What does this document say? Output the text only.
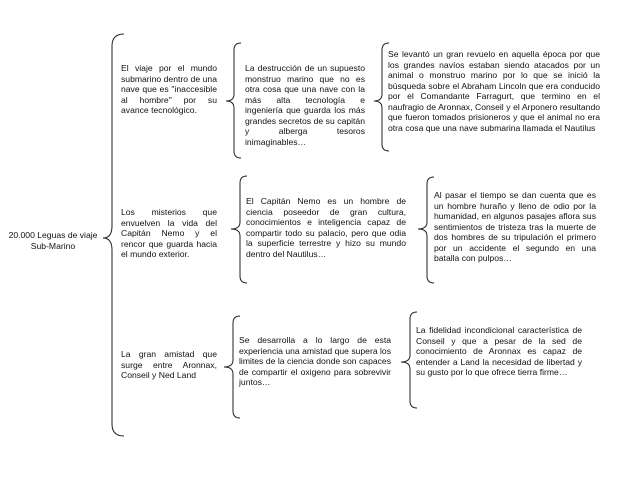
20.000 Leguas de viaje Sub-Marino

El viaje por el mundo submarino dentro de una nave que es "inaccesible al hombre" por su avance tecnológico.

La destrucción de un supuesto monstruo marino que no es otra cosa que una nave con la más alta tecnología e ingeniería que guarda los más grandes secretos de su capitán y alberga tesoros inimaginables…

Se levantó un gran revuelo en aquella época por que los grandes navíos estaban siendo atacados por un animal o monstruo marino por lo que se inició la búsqueda sobre el Abraham Lincoln que era conducido por el Comandante Farragurt, que termino en el naufragio de Aronnax, Conseil y el Arponero resultando que fueron tomados prisioneros y que el animal no era otra cosa que una nave submarina llamada el Nautilus

Los misterios que envuelven la vida del Capitán Nemo y el rencor que guarda hacia el mundo exterior.

El Capitán Nemo es un hombre de ciencia poseedor de gran cultura, conocimientos e inteligencia capaz de compartir todo su palacio, pero que odia la superficie terrestre y hizo su mundo dentro del Nautilus…

Al pasar el tiempo se dan cuenta que es un hombre huraño y lleno de odio por la humanidad, en algunos pasajes aflora sus sentimientos de tristeza tras la muerte de dos hombres de su tripulación el primero por un accidente el segundo en una batalla con pulpos…

La gran amistad que surge entre Aronnax, Conseil y Ned Land

Se desarrolla a lo largo de esta experiencia una amistad que supera los limites de la ciencia donde son capaces de compartir el oxigeno para sobrevivir juntos…

La fidelidad incondicional característica de Conseil y que a pesar de la sed de conocimiento de Aronnax es capaz de entender a Land la necesidad de libertad y su gusto por lo que ofrece tierra firme…
